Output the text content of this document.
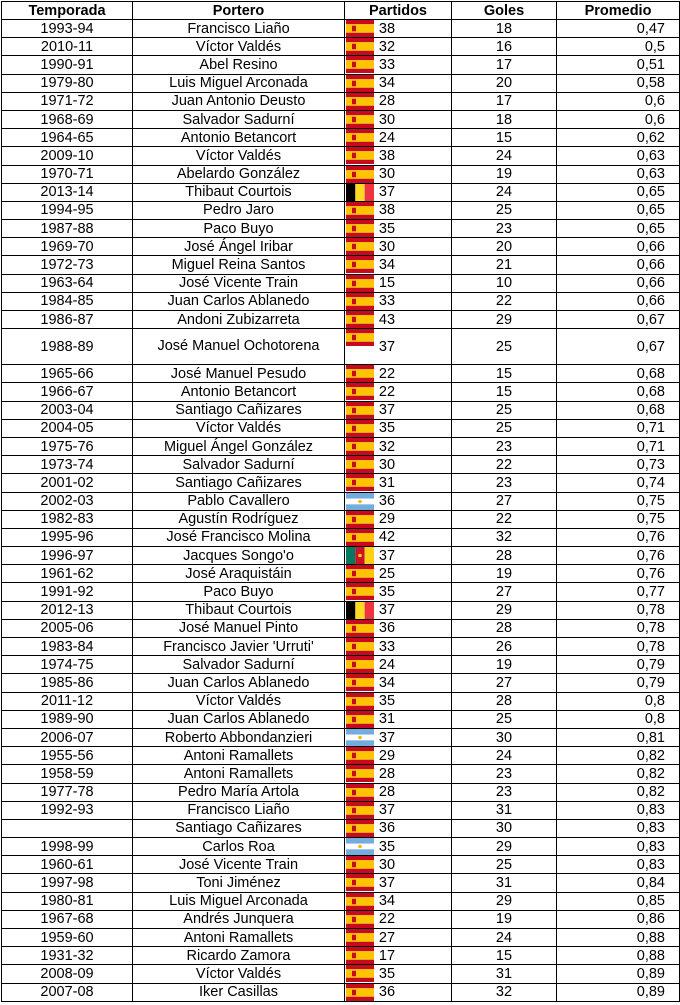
Temporada	Portero	Partidos	Goles	Promedio
1993-94	Francisco Liaño	38	18	0,47
2010-11	Víctor Valdés	32	16	0,5
1990-91	Abel Resino	33	17	0,51
1979-80	Luis Miguel Arconada	34	20	0,58
1971-72	Juan Antonio Deusto	28	17	0,6
1968-69	Salvador Sadurní	30	18	0,6
1964-65	Antonio Betancort	24	15	0,62
2009-10	Víctor Valdés	38	24	0,63
1970-71	Abelardo González	30	19	0,63
2013-14	Thibaut Courtois	37	24	0,65
1994-95	Pedro Jaro	38	25	0,65
1987-88	Paco Buyo	35	23	0,65
1969-70	José Ángel Iribar	30	20	0,66
1972-73	Miguel Reina Santos	34	21	0,66
1963-64	José Vicente Train	15	10	0,66
1984-85	Juan Carlos Ablanedo	33	22	0,66
1986-87	Andoni Zubizarreta	43	29	0,67
1988-89	José Manuel Ochotorena	37	25	0,67
1965-66	José Manuel Pesudo	22	15	0,68
1966-67	Antonio Betancort	22	15	0,68
2003-04	Santiago Cañizares	37	25	0,68
2004-05	Víctor Valdés	35	25	0,71
1975-76	Miguel Ángel González	32	23	0,71
1973-74	Salvador Sadurní	30	22	0,73
2001-02	Santiago Cañizares	31	23	0,74
2002-03	Pablo Cavallero	36	27	0,75
1982-83	Agustín Rodríguez	29	22	0,75
1995-96	José Francisco Molina	42	32	0,76
1996-97	Jacques Songo'o	37	28	0,76
1961-62	José Araquistáin	25	19	0,76
1991-92	Paco Buyo	35	27	0,77
2012-13	Thibaut Courtois	37	29	0,78
2005-06	José Manuel Pinto	36	28	0,78
1983-84	Francisco Javier 'Urruti'	33	26	0,78
1974-75	Salvador Sadurní	24	19	0,79
1985-86	Juan Carlos Ablanedo	34	27	0,79
2011-12	Víctor Valdés	35	28	0,8
1989-90	Juan Carlos Ablanedo	31	25	0,8
2006-07	Roberto Abbondanzieri	37	30	0,81
1955-56	Antoni Ramallets	29	24	0,82
1958-59	Antoni Ramallets	28	23	0,82
1977-78	Pedro María Artola	28	23	0,82
1992-93	Francisco Liaño	37	31	0,83
	Santiago Cañizares	36	30	0,83
1998-99	Carlos Roa	35	29	0,83
1960-61	José Vicente Train	30	25	0,83
1997-98	Toni Jiménez	37	31	0,84
1980-81	Luis Miguel Arconada	34	29	0,85
1967-68	Andrés Junquera	22	19	0,86
1959-60	Antoni Ramallets	27	24	0,88
1931-32	Ricardo Zamora	17	15	0,88
2008-09	Víctor Valdés	35	31	0,89
2007-08	Iker Casillas	36	32	0,89
